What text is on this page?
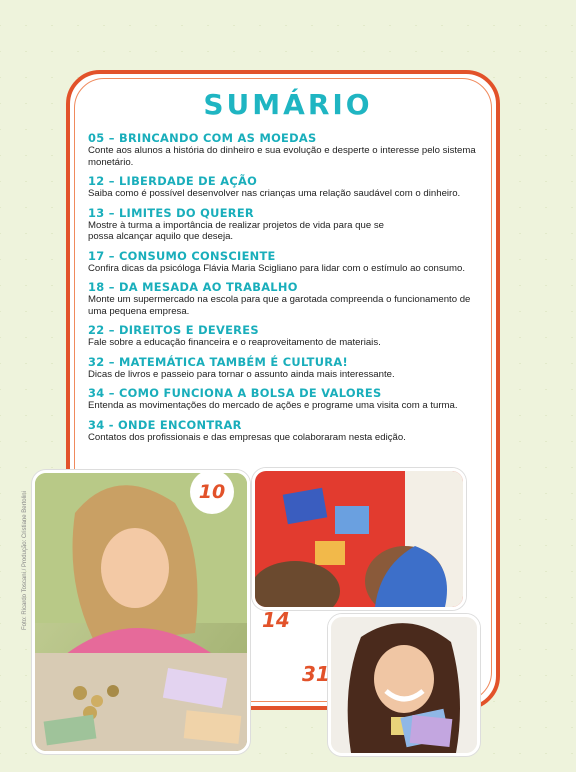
SUMÁRIO
05 – BRINCANDO COM AS MOEDAS
Conte aos alunos a história do dinheiro e sua evolução e desperte o interesse pelo sistema monetário.
12 – LIBERDADE DE AÇÃO
Saiba como é possível desenvolver nas crianças uma relação saudável com o dinheiro.
13 – LIMITES DO QUERER
Mostre à turma a importância de realizar projetos de vida para que se possa alcançar aquilo que deseja.
17 – CONSUMO CONSCIENTE
Confira dicas da psicóloga Flávia Maria Scigliano para lidar com o estímulo ao consumo.
18 – DA MESADA AO TRABALHO
Monte um supermercado na escola para que a garotada compreenda o funcionamento de uma pequena empresa.
22 – DIREITOS E DEVERES
Fale sobre a educação financeira e o reaproveitamento de materiais.
32 – MATEMÁTICA TAMBÉM É CULTURA!
Dicas de livros e passeio para tornar o assunto ainda mais interessante.
34 – COMO FUNCIONA A BOLSA DE VALORES
Entenda as movimentações do mercado de ações e programe uma visita com a turma.
34 - ONDE ENCONTRAR
Contatos dos profissionais e das empresas que colaboraram nesta edição.
10
14
31
Foto: Ricardo Toscani / Produção: Cristiane Bertolini
